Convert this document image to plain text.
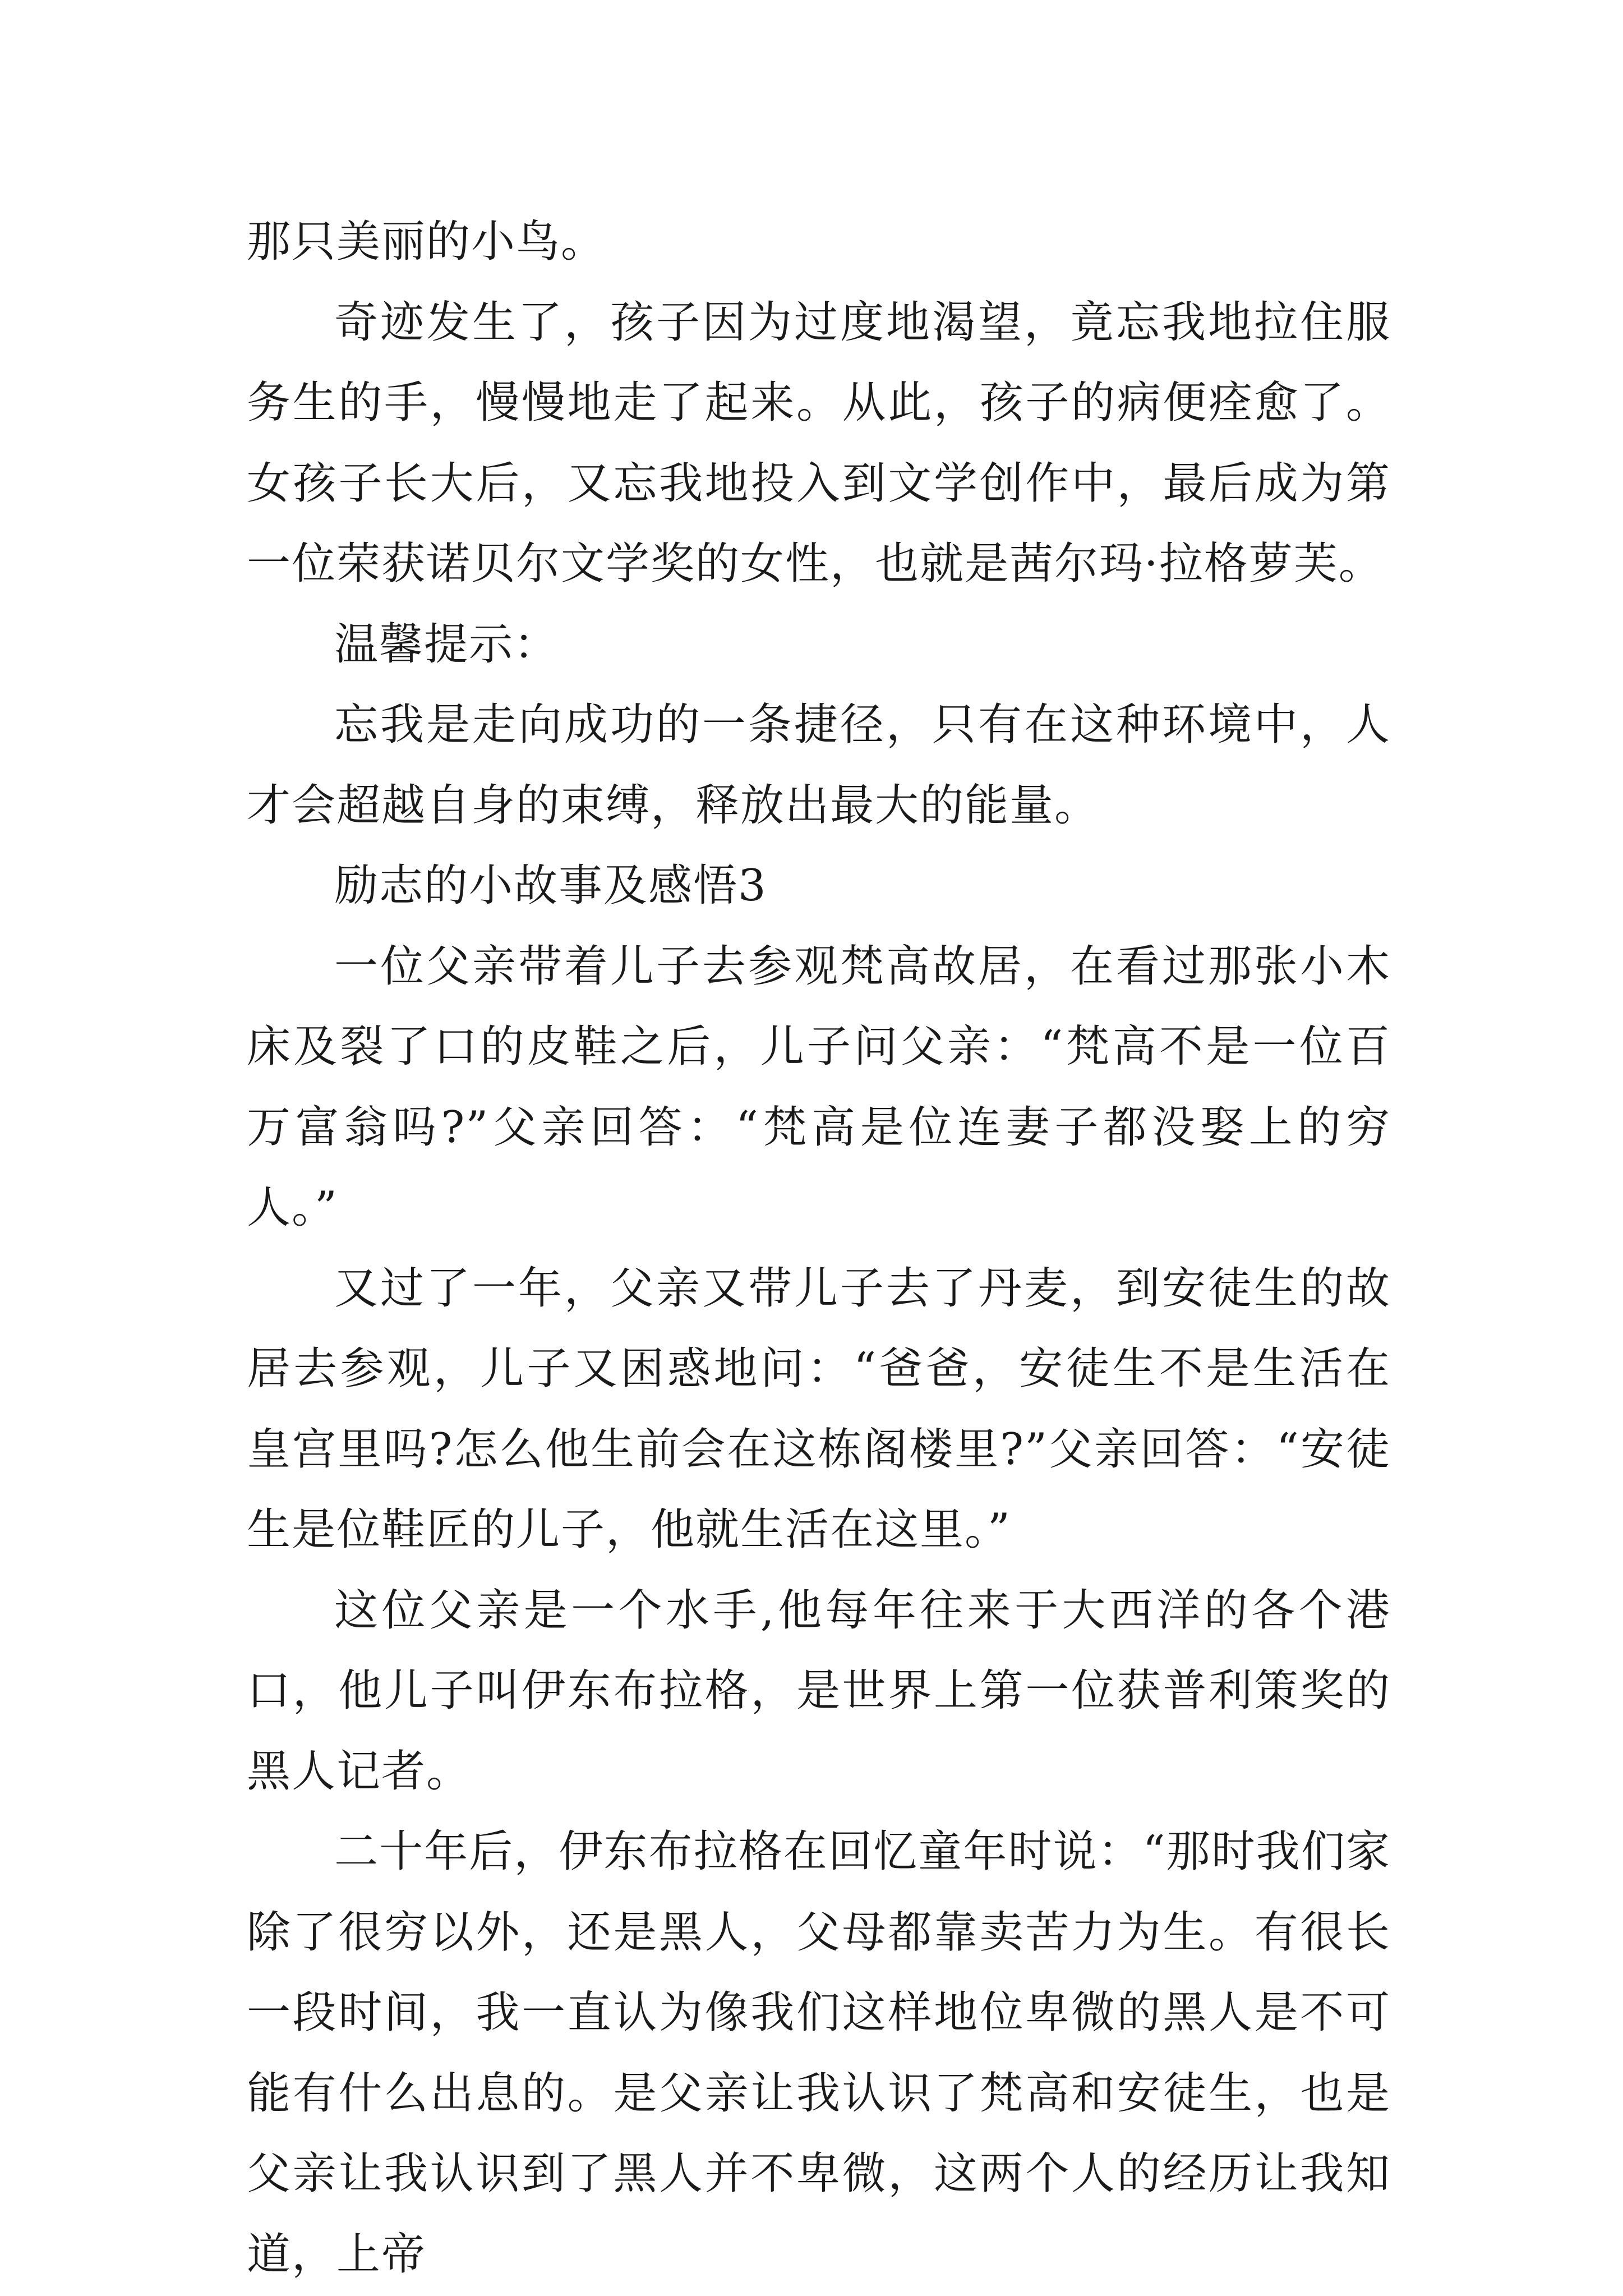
那只美丽的小鸟。

奇迹发生了，孩子因为过度地渴望，竟忘我地拉住服务生的手，慢慢地走了起来。从此，孩子的病便痊愈了。女孩子长大后，又忘我地投入到文学创作中，最后成为第一位荣获诺贝尔文学奖的女性，也就是茜尔玛·拉格萝芙。

温馨提示：

忘我是走向成功的一条捷径，只有在这种环境中，人才会超越自身的束缚，释放出最大的能量。

励志的小故事及感悟3

一位父亲带着儿子去参观梵高故居，在看过那张小木床及裂了口的皮鞋之后，儿子问父亲：“梵高不是一位百万富翁吗?”父亲回答：“梵高是位连妻子都没娶上的穷人。”

又过了一年，父亲又带儿子去了丹麦，到安徒生的故居去参观，儿子又困惑地问：“爸爸，安徒生不是生活在皇宫里吗?怎么他生前会在这栋阁楼里?”父亲回答：“安徒生是位鞋匠的儿子，他就生活在这里。”

这位父亲是一个水手,他每年往来于大西洋的各个港口，他儿子叫伊东布拉格，是世界上第一位获普利策奖的黑人记者。

二十年后，伊东布拉格在回忆童年时说：“那时我们家除了很穷以外，还是黑人，父母都靠卖苦力为生。有很长一段时间，我一直认为像我们这样地位卑微的黑人是不可能有什么出息的。是父亲让我认识了梵高和安徒生，也是父亲让我认识到了黑人并不卑微，这两个人的经历让我知道，上帝
